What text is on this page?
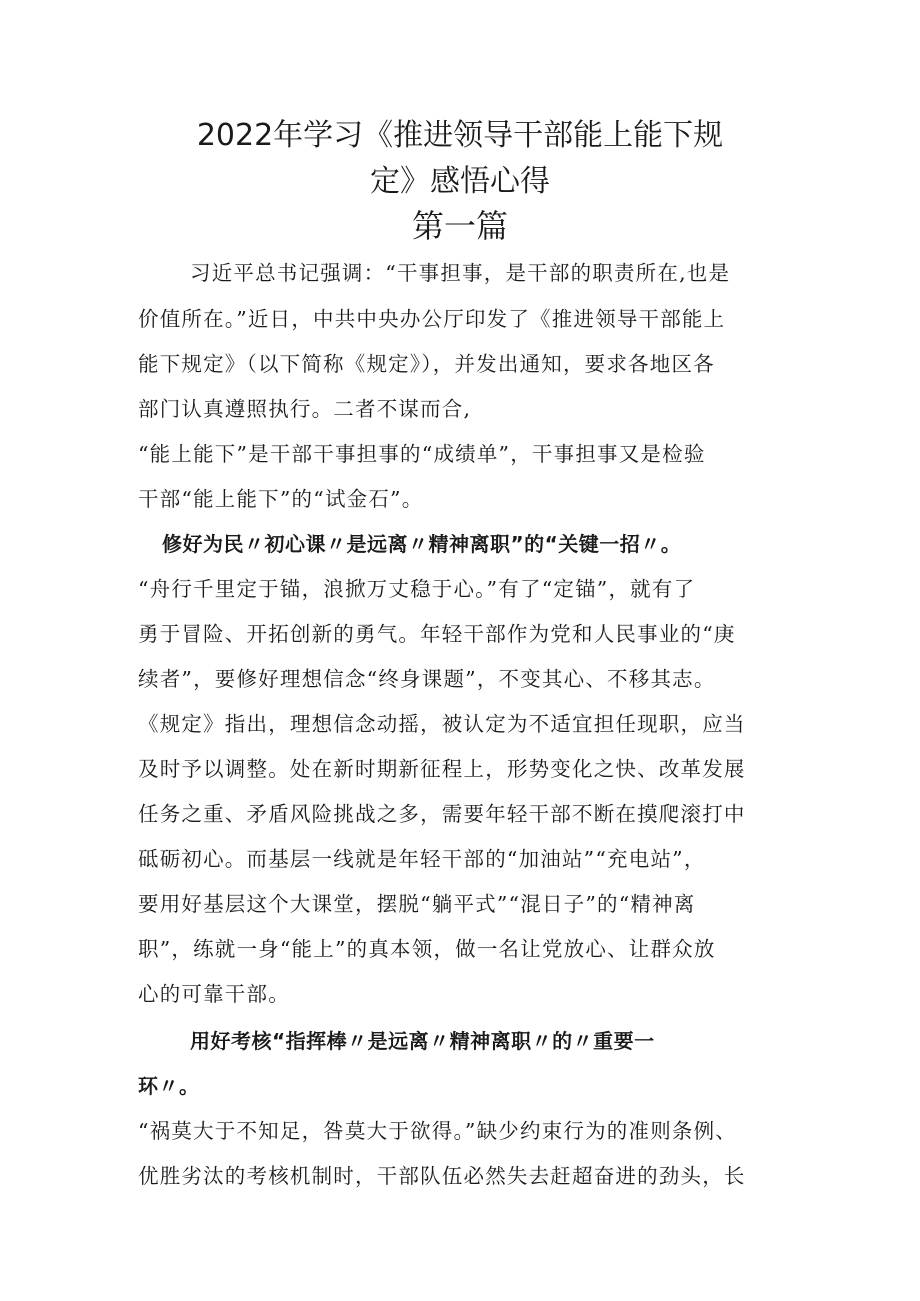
2022年学习《推进领导干部能上能下规
定》感悟心得
第一篇
习近平总书记强调：“干事担事，是干部的职责所在,也是
价值所在。”近日，中共中央办公厅印发了《推进领导干部能上
能下规定》（以下简称《规定》），并发出通知，要求各地区各
部门认真遵照执行。二者不谋而合,
“能上能下”是干部干事担事的“成绩单”，干事担事又是检验
干部“能上能下”的“试金石”。
修好为民〃初心课〃是远离〃精神离职”的“关键一招〃。
“舟行千里定于锚，浪掀万丈稳于心。”有了“定锚”，就有了
勇于冒险、开拓创新的勇气。年轻干部作为党和人民事业的“庚
续者”，要修好理想信念“终身课题”，不变其心、不移其志。
《规定》指出，理想信念动摇，被认定为不适宜担任现职，应当
及时予以调整。处在新时期新征程上，形势变化之快、改革发展
任务之重、矛盾风险挑战之多，需要年轻干部不断在摸爬滚打中
砥砺初心。而基层一线就是年轻干部的“加油站”“充电站”，
要用好基层这个大课堂，摆脱“躺平式”“混日子”的“精神离
职”，练就一身“能上”的真本领，做一名让党放心、让群众放
心的可靠干部。
用好考核“指挥棒〃是远离〃精神离职〃的〃重要一
环〃。
“祸莫大于不知足，咎莫大于欲得。”缺少约束行为的准则条例、
优胜劣汰的考核机制时，干部队伍必然失去赶超奋进的劲头，长
